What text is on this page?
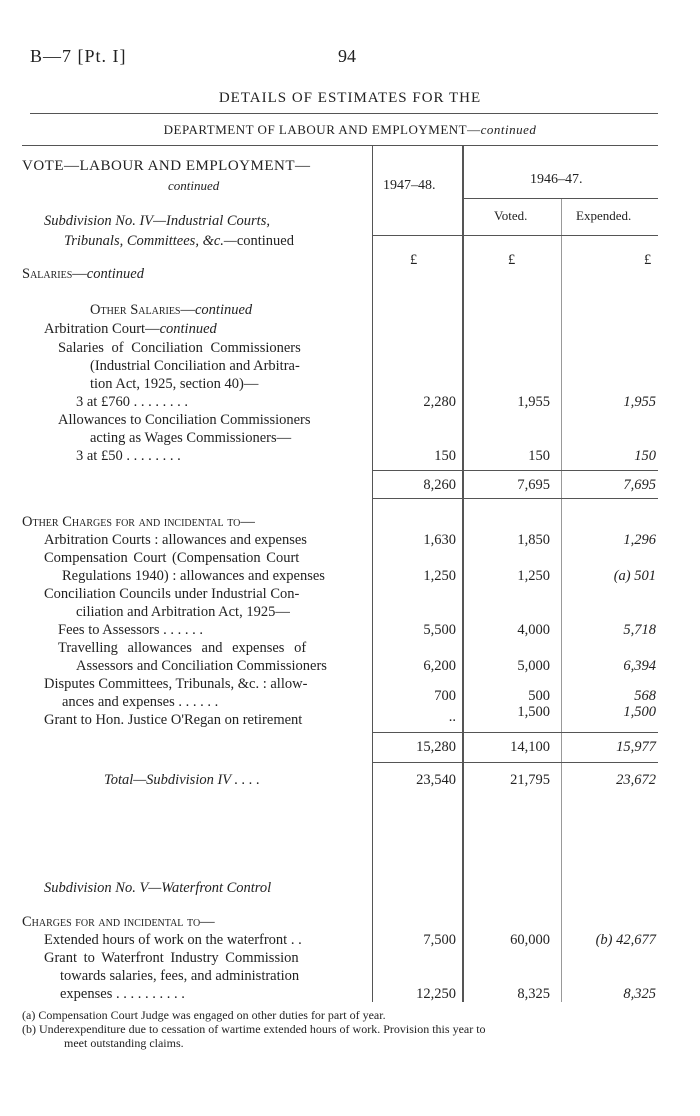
B—7 [Pt. I]	94
DETAILS OF ESTIMATES FOR THE
DEPARTMENT OF LABOUR AND EMPLOYMENT—continued
1947–48.	1946–47.
Voted.	Expended.
£	£	£
VOTE—LABOUR AND EMPLOYMENT—
continued
Subdivision No. IV—Industrial Courts,
Tribunals, Committees, &c.—continued
Salaries—continued
Other Salaries—continued
Arbitration Court—continued
Salaries of Conciliation Commissioners
(Industrial Conciliation and Arbitra-
tion Act, 1925, section 40)—
3 at £760 . . . . . . . .	2,280	1,955	1,955
Allowances to Conciliation Commissioners
acting as Wages Commissioners—
3 at £50 . . . . . . . .	150	150	150
8,260	7,695	7,695
Other Charges for and incidental to—
Arbitration Courts : allowances and expenses	1,630	1,850	1,296
Compensation Court (Compensation Court
Regulations 1940) : allowances and expenses	1,250	1,250	(a) 501
Conciliation Councils under Industrial Con-
ciliation and Arbitration Act, 1925—
Fees to Assessors . . . . . .	5,500	4,000	5,718
Travelling allowances and expenses of
Assessors and Conciliation Commissioners	6,200	5,000	6,394
Disputes Committees, Tribunals, &c. : allow-
ances and expenses . . . . . .	700	500	568
Grant to Hon. Justice O'Regan on retirement	..	1,500	1,500
15,280	14,100	15,977
Total—Subdivision IV . . . .	23,540	21,795	23,672
Subdivision No. V—Waterfront Control
Charges for and incidental to—
Extended hours of work on the waterfront . .	7,500	60,000	(b) 42,677
Grant to Waterfront Industry Commission
towards salaries, fees, and administration
expenses . . . . . . . . . .	12,250	8,325	8,325
(a) Compensation Court Judge was engaged on other duties for part of year.
(b) Underexpenditure due to cessation of wartime extended hours of work. Provision this year to
meet outstanding claims.
